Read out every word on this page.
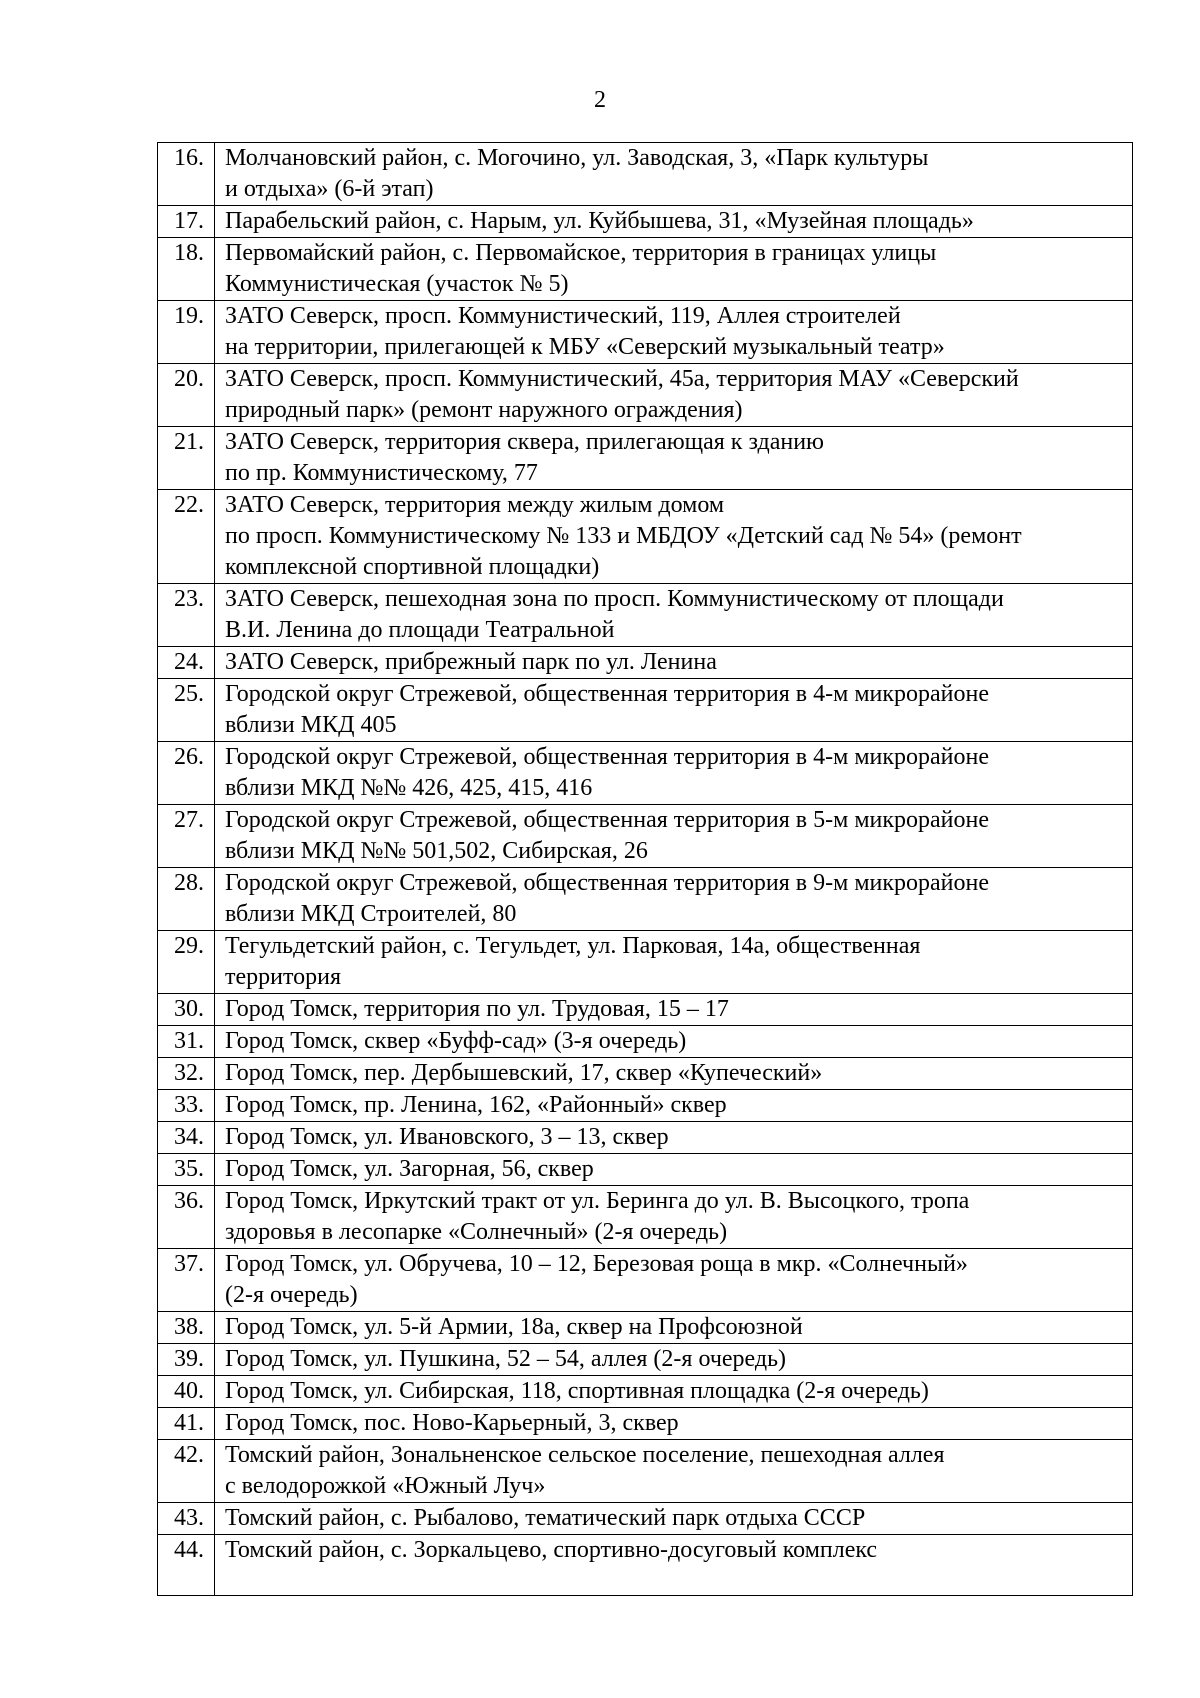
2
16.	Молчановский район, с. Могочино, ул. Заводская, 3, «Парк культуры
и отдыха» (6-й этап)

17.	Парабельский район, с. Нарым, ул. Куйбышева, 31, «Музейная площадь»

18.	Первомайский район, с. Первомайское, территория в границах улицы
Коммунистическая (участок № 5)

19.	ЗАТО Северск, просп. Коммунистический, 119, Аллея строителей
на территории, прилегающей к МБУ «Северский музыкальный театр»

20.	ЗАТО Северск, просп. Коммунистический, 45а, территория МАУ «Северский
природный парк» (ремонт наружного ограждения)

21.	ЗАТО Северск, территория сквера, прилегающая к зданию
по пр. Коммунистическому, 77

22.	ЗАТО Северск, территория между жилым домом
по просп. Коммунистическому № 133 и МБДОУ «Детский сад № 54» (ремонт
комплексной спортивной площадки)

23.	ЗАТО Северск, пешеходная зона по просп. Коммунистическому от площади
В.И. Ленина до площади Театральной

24.	ЗАТО Северск, прибрежный парк по ул. Ленина

25.	Городской округ Стрежевой, общественная территория в 4-м микрорайоне
вблизи МКД 405

26.	Городской округ Стрежевой, общественная территория в 4-м микрорайоне
вблизи МКД №№ 426, 425, 415, 416

27.	Городской округ Стрежевой, общественная территория в 5-м микрорайоне
вблизи МКД №№ 501,502, Сибирская, 26

28.	Городской округ Стрежевой, общественная территория в 9-м микрорайоне
вблизи МКД Строителей, 80

29.	Тегульдетский район, с. Тегульдет, ул. Парковая, 14а, общественная
территория

30.	Город Томск, территория по ул. Трудовая, 15 – 17

31.	Город Томск, сквер «Буфф-сад» (3-я очередь)

32.	Город Томск, пер. Дербышевский, 17, сквер «Купеческий»

33.	Город Томск, пр. Ленина, 162, «Районный» сквер

34.	Город Томск, ул. Ивановского, 3 – 13, сквер

35.	Город Томск, ул. Загорная, 56, сквер

36.	Город Томск, Иркутский тракт от ул. Беринга до ул. В. Высоцкого, тропа
здоровья в лесопарке «Солнечный» (2-я очередь)

37.	Город Томск, ул. Обручева, 10 – 12, Березовая роща в мкр. «Солнечный»
(2-я очередь)

38.	Город Томск, ул. 5-й Армии, 18а, сквер на Профсоюзной

39.	Город Томск, ул. Пушкина, 52 – 54, аллея (2-я очередь)

40.	Город Томск, ул. Сибирская, 118, спортивная площадка (2-я очередь)

41.	Город Томск, пос. Ново-Карьерный, 3, сквер

42.	Томский район, Зональненское сельское поселение, пешеходная аллея
с велодорожкой «Южный Луч»

43.	Томский район, с. Рыбалово, тематический парк отдыха СССР

44.	Томский район, с. Зоркальцево, спортивно-досуговый комплекс
